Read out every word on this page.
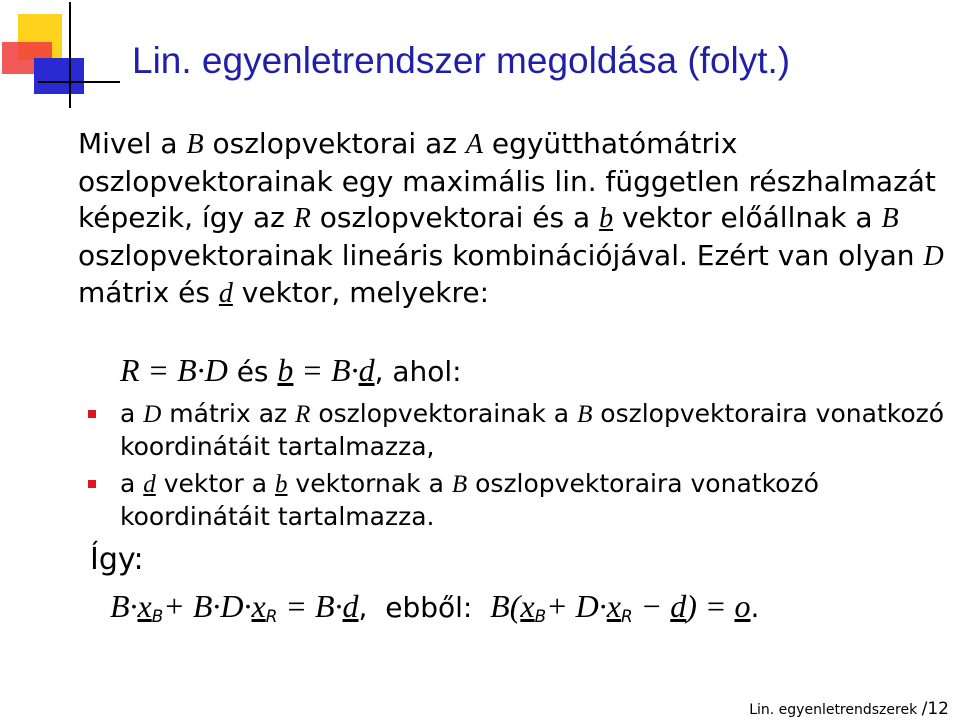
Lin. egyenletrendszer megoldása (folyt.)
Mivel a B oszlopvektorai az A együtthatómátrix oszlopvektorainak egy maximális lin. független részhalmazát képezik, így az R oszlopvektorai és a b vektor előállnak a B oszlopvektorainak lineáris kombinációjával. Ezért van olyan D mátrix és d vektor, melyekre:
R = B·D és b = B·d, ahol:
a D mátrix az R oszlopvektorainak a B oszlopvektoraira vonatkozó koordinátáit tartalmazza,
a d vektor a b vektornak a B oszlopvektoraira vonatkozó koordinátáit tartalmazza.
Így:
$B\cdot x_B+ B\cdot D\cdot x_R = B\cdot d$,  ebből:  $B(x_B+ D\cdot x_R - d) = o$.
Lin. egyenletrendszerek /12
